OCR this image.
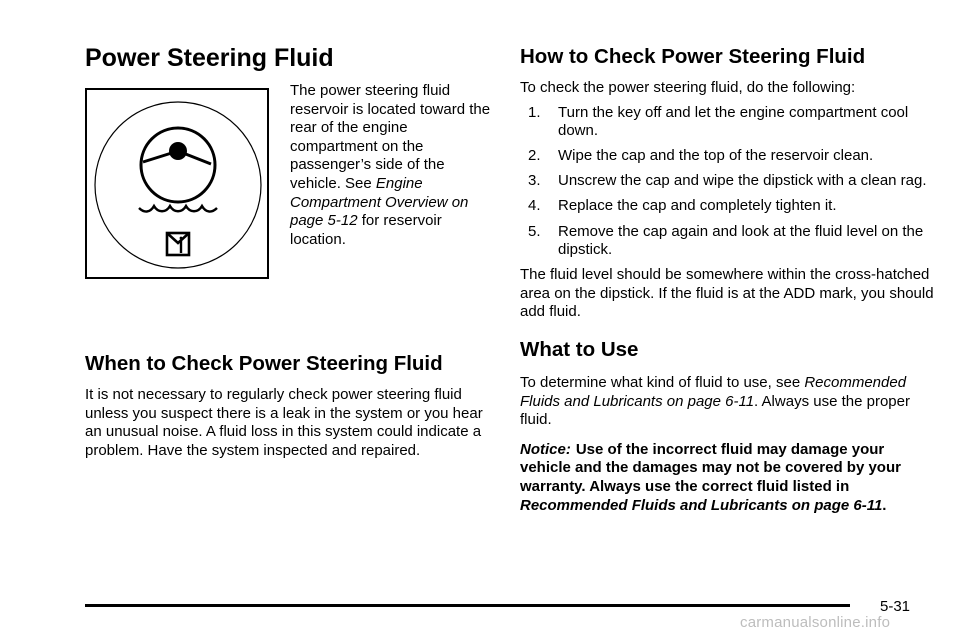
Power Steering Fluid

The power steering fluid reservoir is located toward the rear of the engine compartment on the passenger’s side of the vehicle. See Engine Compartment Overview on page 5-12 for reservoir location.

When to Check Power Steering Fluid

It is not necessary to regularly check power steering fluid unless you suspect there is a leak in the system or you hear an unusual noise. A fluid loss in this system could indicate a problem. Have the system inspected and repaired.

How to Check Power Steering Fluid

To check the power steering fluid, do the following:

1.	Turn the key off and let the engine compartment cool down.
2.	Wipe the cap and the top of the reservoir clean.
3.	Unscrew the cap and wipe the dipstick with a clean rag.
4.	Replace the cap and completely tighten it.
5.	Remove the cap again and look at the fluid level on the dipstick.

The fluid level should be somewhere within the cross-hatched area on the dipstick. If the fluid is at the ADD mark, you should add fluid.

What to Use

To determine what kind of fluid to use, see Recommended Fluids and Lubricants on page 6-11. Always use the proper fluid.

Notice: Use of the incorrect fluid may damage your vehicle and the damages may not be covered by your warranty. Always use the correct fluid listed in Recommended Fluids and Lubricants on page 6-11.

5-31
carmanualsonline.info
